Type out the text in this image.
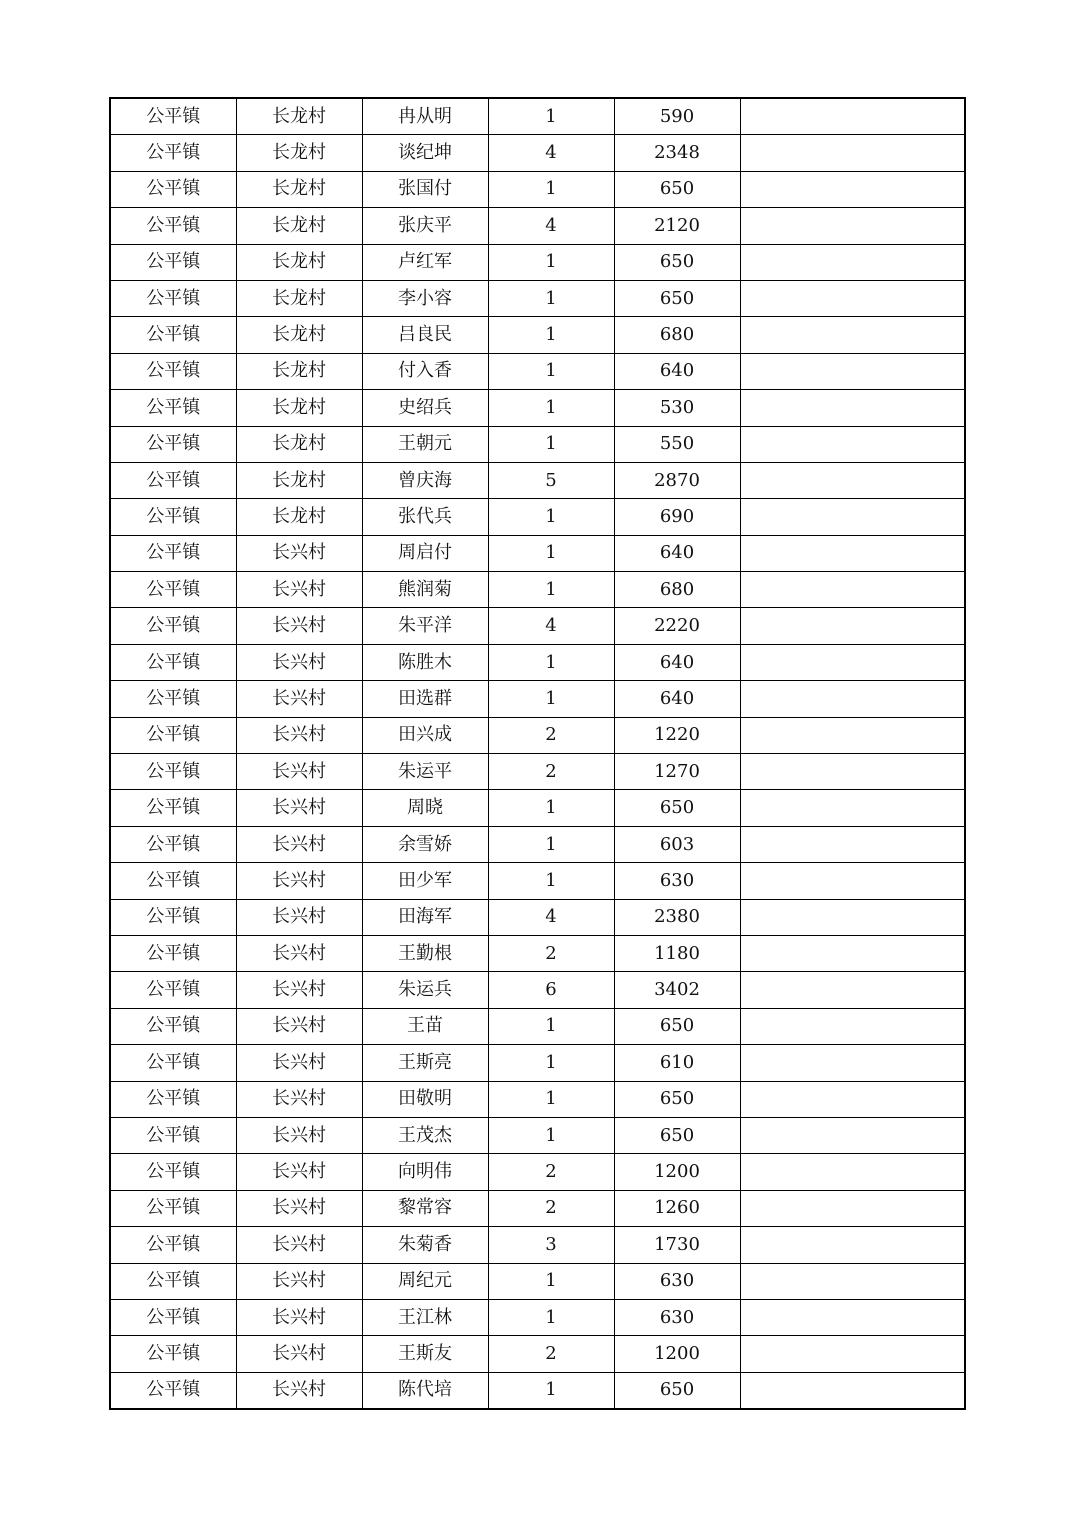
公平镇	长龙村	冉从明	1	590	
公平镇	长龙村	谈纪坤	4	2348	
公平镇	长龙村	张国付	1	650	
公平镇	长龙村	张庆平	4	2120	
公平镇	长龙村	卢红军	1	650	
公平镇	长龙村	李小容	1	650	
公平镇	长龙村	吕良民	1	680	
公平镇	长龙村	付入香	1	640	
公平镇	长龙村	史绍兵	1	530	
公平镇	长龙村	王朝元	1	550	
公平镇	长龙村	曾庆海	5	2870	
公平镇	长龙村	张代兵	1	690	
公平镇	长兴村	周启付	1	640	
公平镇	长兴村	熊润菊	1	680	
公平镇	长兴村	朱平洋	4	2220	
公平镇	长兴村	陈胜木	1	640	
公平镇	长兴村	田选群	1	640	
公平镇	长兴村	田兴成	2	1220	
公平镇	长兴村	朱运平	2	1270	
公平镇	长兴村	周晓	1	650	
公平镇	长兴村	余雪娇	1	603	
公平镇	长兴村	田少军	1	630	
公平镇	长兴村	田海军	4	2380	
公平镇	长兴村	王勤根	2	1180	
公平镇	长兴村	朱运兵	6	3402	
公平镇	长兴村	王苗	1	650	
公平镇	长兴村	王斯亮	1	610	
公平镇	长兴村	田敬明	1	650	
公平镇	长兴村	王茂杰	1	650	
公平镇	长兴村	向明伟	2	1200	
公平镇	长兴村	黎常容	2	1260	
公平镇	长兴村	朱菊香	3	1730	
公平镇	长兴村	周纪元	1	630	
公平镇	长兴村	王江林	1	630	
公平镇	长兴村	王斯友	2	1200	
公平镇	长兴村	陈代培	1	650	
